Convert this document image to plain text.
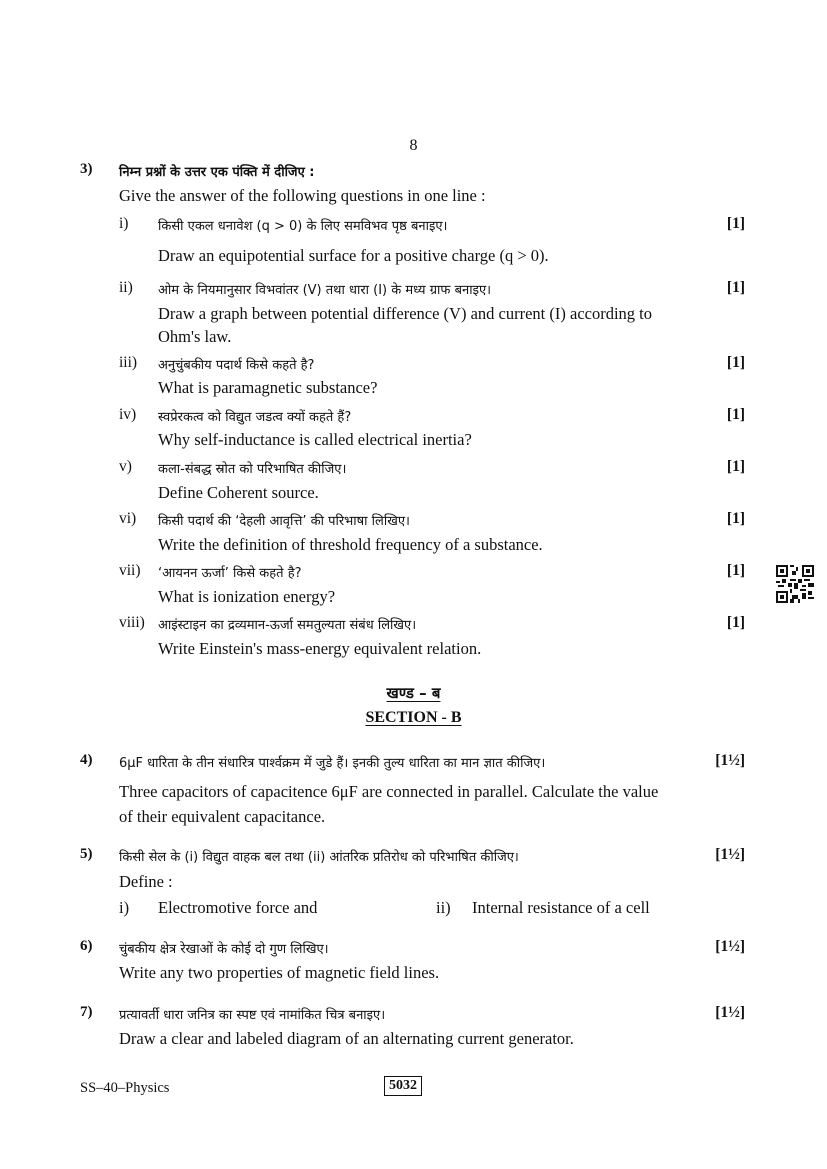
8
3) निम्न प्रश्नों के उत्तर एक पंक्ति में दीजिए :
Give the answer of the following questions in one line :
i) किसी एकल धनावेश (q > 0) के लिए समविभव पृष्ठ बनाइए।	[1]
Draw an equipotential surface for a positive charge (q > 0).
ii) ओम के नियमानुसार विभवांतर (V) तथा धारा (I) के मध्य ग्राफ बनाइए।	[1]
Draw a graph between potential difference (V) and current (I) according to
Ohm's law.
iii) अनुचुंबकीय पदार्थ किसे कहते है?	[1]
What is paramagnetic substance?
iv) स्वप्रेरकत्व को विद्युत जडत्व क्यों कहते हैं?	[1]
Why self-inductance is called electrical inertia?
v) कला-संबद्ध स्रोत को परिभाषित कीजिए।	[1]
Define Coherent source.
vi) किसी पदार्थ की ‘देहली आवृत्ति’ की परिभाषा लिखिए।	[1]
Write the definition of threshold frequency of a substance.
vii) ‘आयनन ऊर्जा’ किसे कहते है?	[1]
What is ionization energy?
viii) आइंस्टाइन का द्रव्यमान-ऊर्जा समतुल्यता संबंध लिखिए।	[1]
Write Einstein's mass-energy equivalent relation.
खण्ड – ब
SECTION - B
4) 6μF धारिता के तीन संधारित्र पार्श्वक्रम में जुडे हैं। इनकी तुल्य धारिता का मान ज्ञात कीजिए।	[1½]
Three capacitors of capacitence 6μF are connected in parallel. Calculate the value
of their equivalent capacitance.
5) किसी सेल के (i) विद्युत वाहक बल तथा (ii) आंतरिक प्रतिरोध को परिभाषित कीजिए।	[1½]
Define :
i) Electromotive force and	ii) Internal resistance of a cell
6) चुंबकीय क्षेत्र रेखाओं के कोई दो गुण लिखिए।	[1½]
Write any two properties of magnetic field lines.
7) प्रत्यावर्ती धारा जनित्र का स्पष्ट एवं नामांकित चित्र बनाइए।	[1½]
Draw a clear and labeled diagram of an alternating current generator.
SS–40–Physics	5032
